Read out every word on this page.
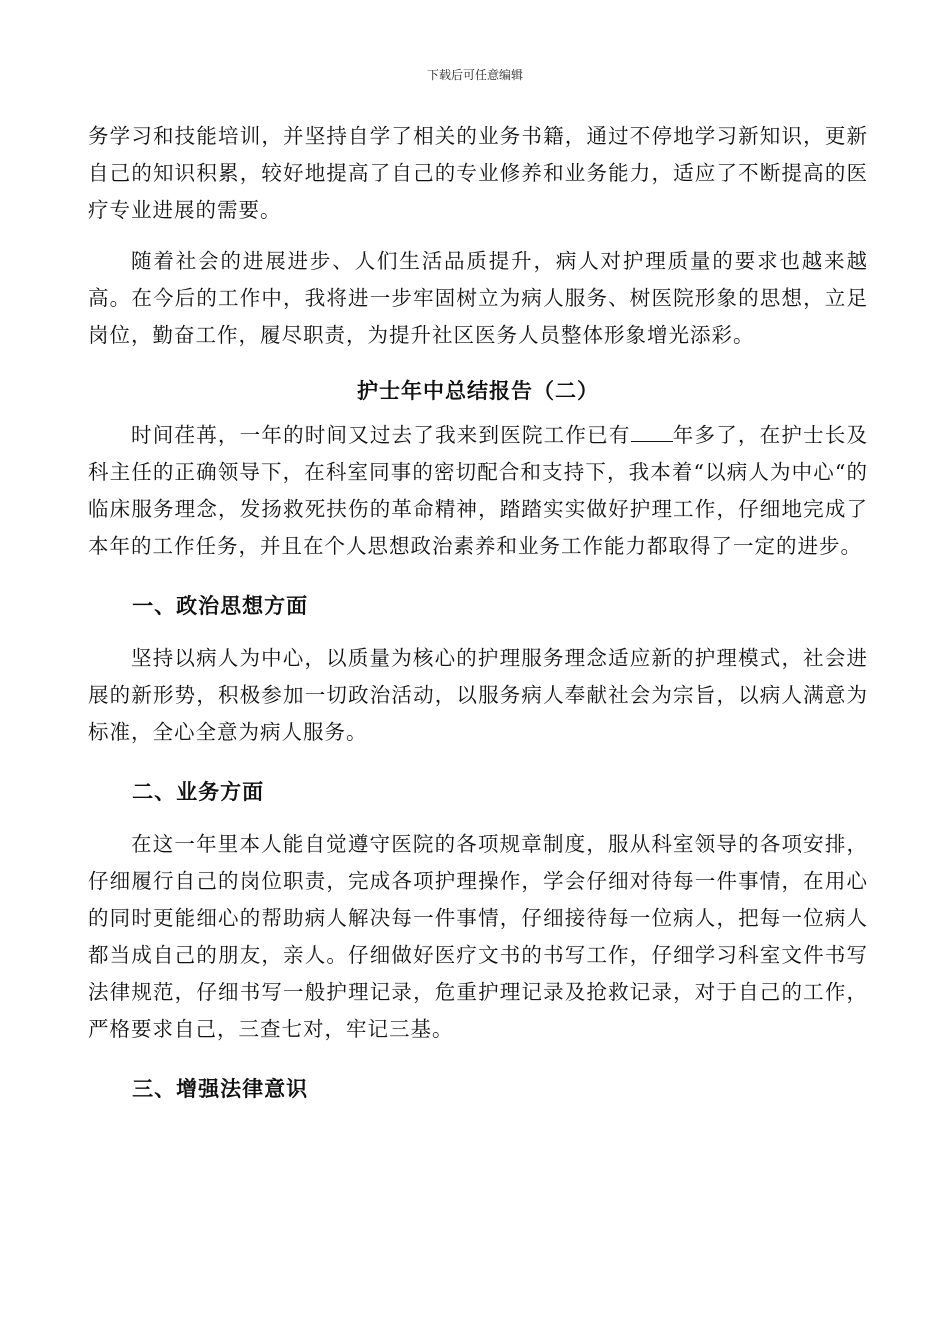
下载后可任意编辑

务学习和技能培训，并坚持自学了相关的业务书籍，通过不停地学习新知识，更新自己的知识积累，较好地提高了自己的专业修养和业务能力，适应了不断提高的医疗专业进展的需要。

随着社会的进展进步、人们生活品质提升，病人对护理质量的要求也越来越高。在今后的工作中，我将进一步牢固树立为病人服务、树医院形象的思想，立足岗位，勤奋工作，履尽职责，为提升社区医务人员整体形象增光添彩。

护士年中总结报告（二）

时间荏苒，一年的时间又过去了我来到医院工作已有 年多了，在护士长及科主任的正确领导下，在科室同事的密切配合和支持下，我本着“以病人为中心“的临床服务理念，发扬救死扶伤的革命精神，踏踏实实做好护理工作，仔细地完成了本年的工作任务，并且在个人思想政治素养和业务工作能力都取得了一定的进步。

一、政治思想方面

坚持以病人为中心，以质量为核心的护理服务理念适应新的护理模式，社会进展的新形势，积极参加一切政治活动，以服务病人奉献社会为宗旨，以病人满意为标准，全心全意为病人服务。

二、业务方面

在这一年里本人能自觉遵守医院的各项规章制度，服从科室领导的各项安排，仔细履行自己的岗位职责，完成各项护理操作，学会仔细对待每一件事情，在用心的同时更能细心的帮助病人解决每一件事情，仔细接待每一位病人，把每一位病人都当成自己的朋友，亲人。仔细做好医疗文书的书写工作，仔细学习科室文件书写法律规范，仔细书写一般护理记录，危重护理记录及抢救记录，对于自己的工作，严格要求自己，三查七对，牢记三基。

三、增强法律意识
